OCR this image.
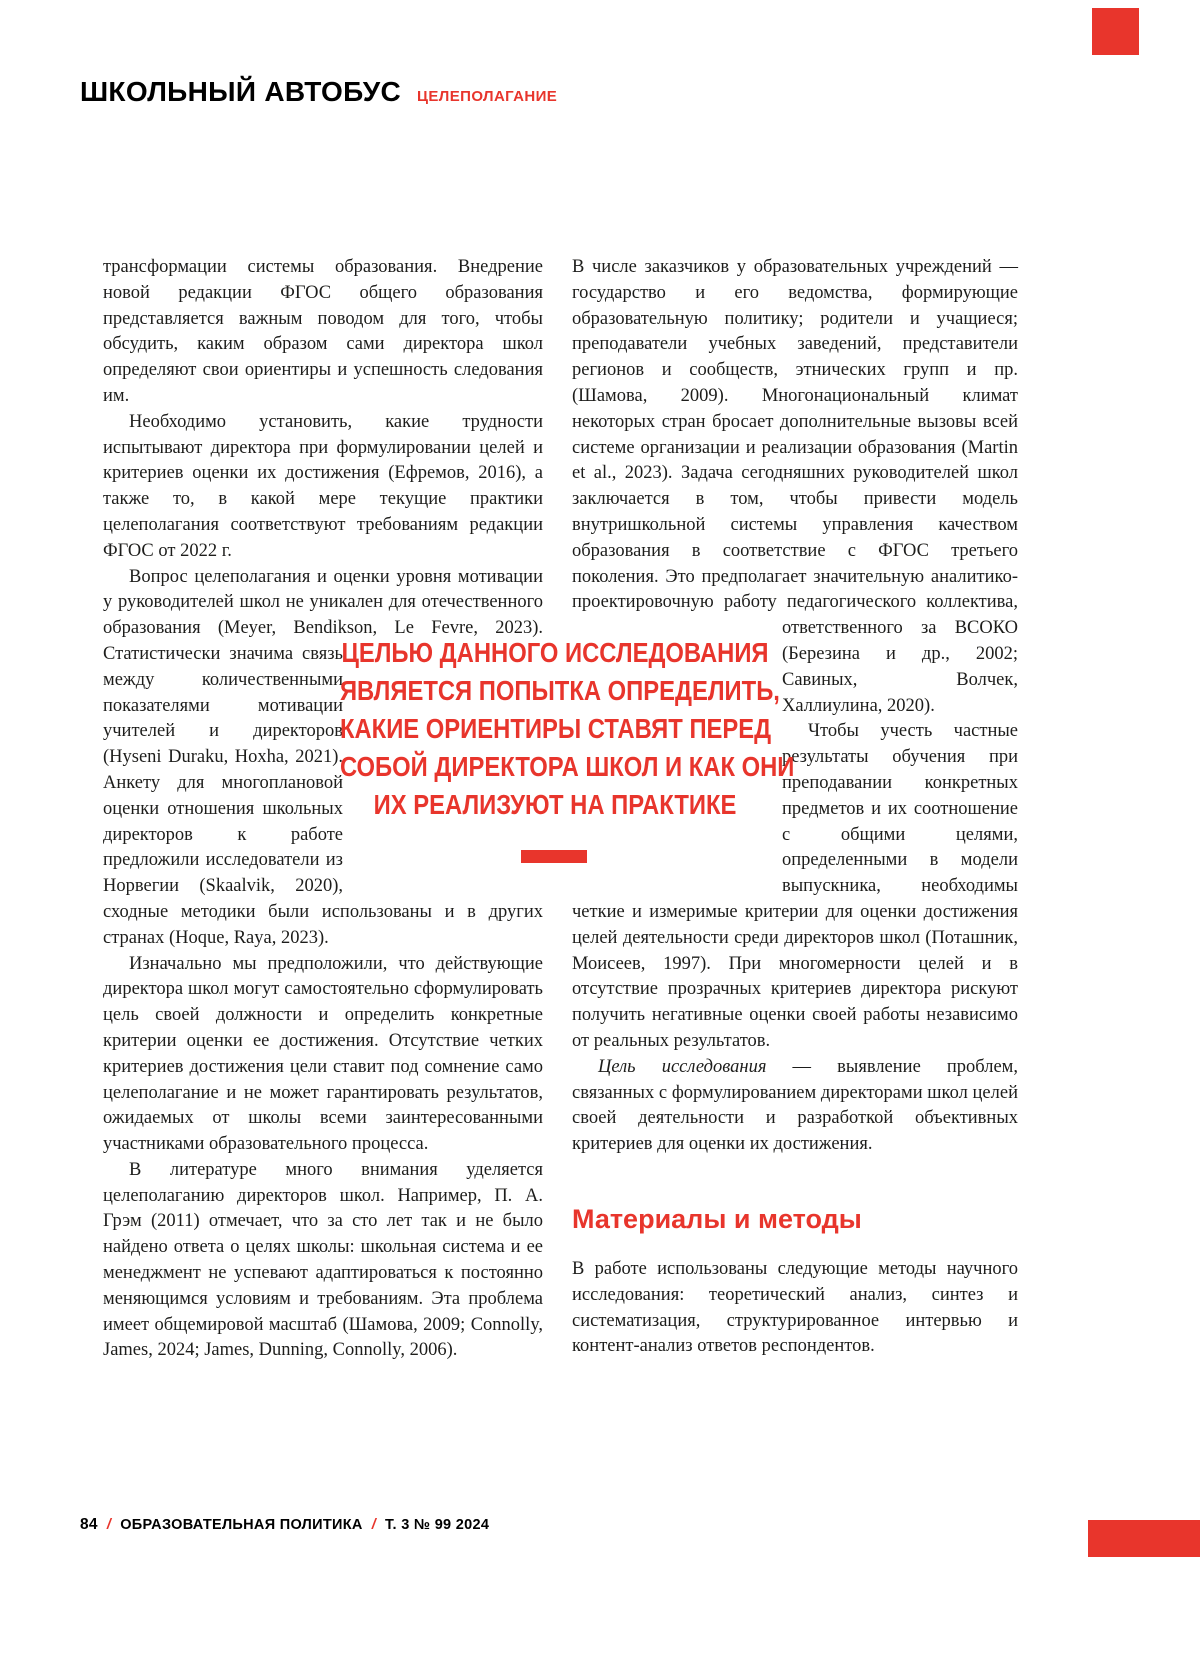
ШКОЛЬНЫЙ АВТОБУС ЦЕЛЕПОЛАГАНИЕ

трансформации системы образования. Внедрение новой редакции ФГОС общего образования представляется важным поводом для того, чтобы обсудить, каким образом сами директора школ определяют свои ориентиры и успешность следования им.

Необходимо установить, какие трудности испытывают директора при формулировании целей и критериев оценки их достижения (Ефремов, 2016), а также то, в какой мере текущие практики целеполагания соответствуют требованиям редакции ФГОС от 2022 г.

Вопрос целеполагания и оценки уровня мотивации у руководителей школ не уникален для отечественного образования (Meyer, Bendikson, Le Fevre, 2023). Статистически значима связь между количественными показателями мотивации учителей и директоров (Hyseni Duraku, Hoxha, 2021). Анкету для многоплановой оценки отношения школьных директоров к работе предложили исследователи из Норвегии (Skaalvik, 2020), сходные методики были использованы и в других странах (Hoque, Raya, 2023).

Изначально мы предположили, что действующие директора школ могут самостоятельно сформулировать цель своей должности и определить конкретные критерии оценки ее достижения. Отсутствие четких критериев достижения цели ставит под сомнение само целеполагание и не может гарантировать результатов, ожидаемых от школы всеми заинтересованными участниками образовательного процесса.

В литературе много внимания уделяется целеполаганию директоров школ. Например, П. А. Грэм (2011) отмечает, что за сто лет так и не было найдено ответа о целях школы: школьная система и ее менеджмент не успевают адаптироваться к постоянно меняющимся условиям и требованиям. Эта проблема имеет общемировой масштаб (Шамова, 2009; Connolly, James, 2024; James, Dunning, Connolly, 2006).

В числе заказчиков у образовательных учреждений — государство и его ведомства, формирующие образовательную политику; родители и учащиеся; преподаватели учебных заведений, представители регионов и сообществ, этнических групп и пр. (Шамова, 2009). Многонациональный климат некоторых стран бросает дополнительные вызовы всей системе организации и реализации образования (Martin et al., 2023). Задача сегодняшних руководителей школ заключается в том, чтобы привести модель внутришкольной системы управления качеством образования в соответствие с ФГОС третьего поколения. Это предполагает значительную аналитико-проектировочную работу педагогического коллектива, ответственного за ВСОКО (Березина и др., 2002; Савиных, Волчек, Халлиулина, 2020).

Чтобы учесть частные результаты обучения при преподавании конкретных предметов и их соотношение с общими целями, определенными в модели выпускника, необходимы четкие и измеримые критерии для оценки достижения целей деятельности среди директоров школ (Поташник, Моисеев, 1997). При многомерности целей и в отсутствие прозрачных критериев директора рискуют получить негативные оценки своей работы независимо от реальных результатов.

Цель исследования — выявление проблем, связанных с формулированием директорами школ целей своей деятельности и разработкой объективных критериев для оценки их достижения.

Материалы и методы

В работе использованы следующие методы научного исследования: теоретический анализ, синтез и систематизация, структурированное интервью и контент-анализ ответов респондентов.

ЦЕЛЬЮ ДАННОГО ИССЛЕДОВАНИЯ
ЯВЛЯЕТСЯ ПОПЫТКА ОПРЕДЕЛИТЬ,
КАКИЕ ОРИЕНТИРЫ СТАВЯТ ПЕРЕД
СОБОЙ ДИРЕКТОРА ШКОЛ И КАК ОНИ
ИХ РЕАЛИЗУЮТ НА ПРАКТИКЕ
84 / ОБРАЗОВАТЕЛЬНАЯ ПОЛИТИКА / Т. 3 № 99 2024
